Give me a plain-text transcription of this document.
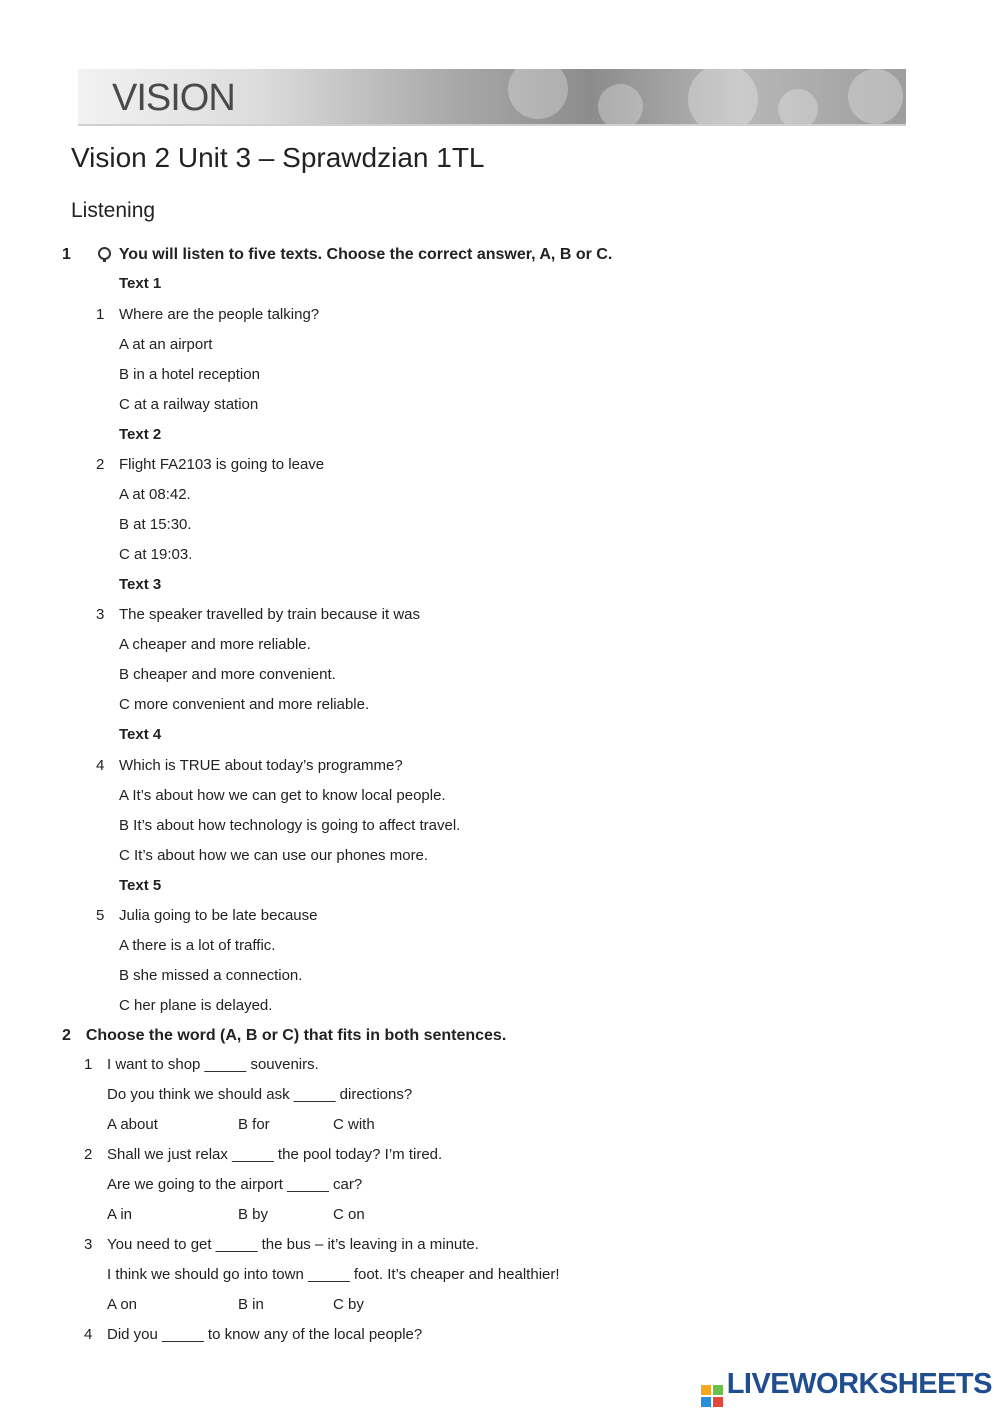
VISION
Vision 2 Unit 3 – Sprawdzian 1TL
Listening
1	You will listen to five texts. Choose the correct answer, A, B or C.
Text 1
1 Where are the people talking?
A at an airport
B in a hotel reception
C at a railway station
Text 2
2 Flight FA2103 is going to leave
A at 08:42.
B at 15:30.
C at 19:03.
Text 3
3 The speaker travelled by train because it was
A cheaper and more reliable.
B cheaper and more convenient.
C more convenient and more reliable.
Text 4
4 Which is TRUE about today’s programme?
A It’s about how we can get to know local people.
B It’s about how technology is going to affect travel.
C It’s about how we can use our phones more.
Text 5
5 Julia going to be late because
A there is a lot of traffic.
B she missed a connection.
C her plane is delayed.
2 Choose the word (A, B or C) that fits in both sentences.
1 I want to shop _____ souvenirs.
Do you think we should ask _____ directions?
A about	B for	C with
2 Shall we just relax _____ the pool today? I’m tired.
Are we going to the airport _____ car?
A in	B by	C on
3 You need to get _____ the bus – it’s leaving in a minute.
I think we should go into town _____ foot. It’s cheaper and healthier!
A on	B in	C by
4 Did you _____ to know any of the local people?
LIVEWORKSHEETS
